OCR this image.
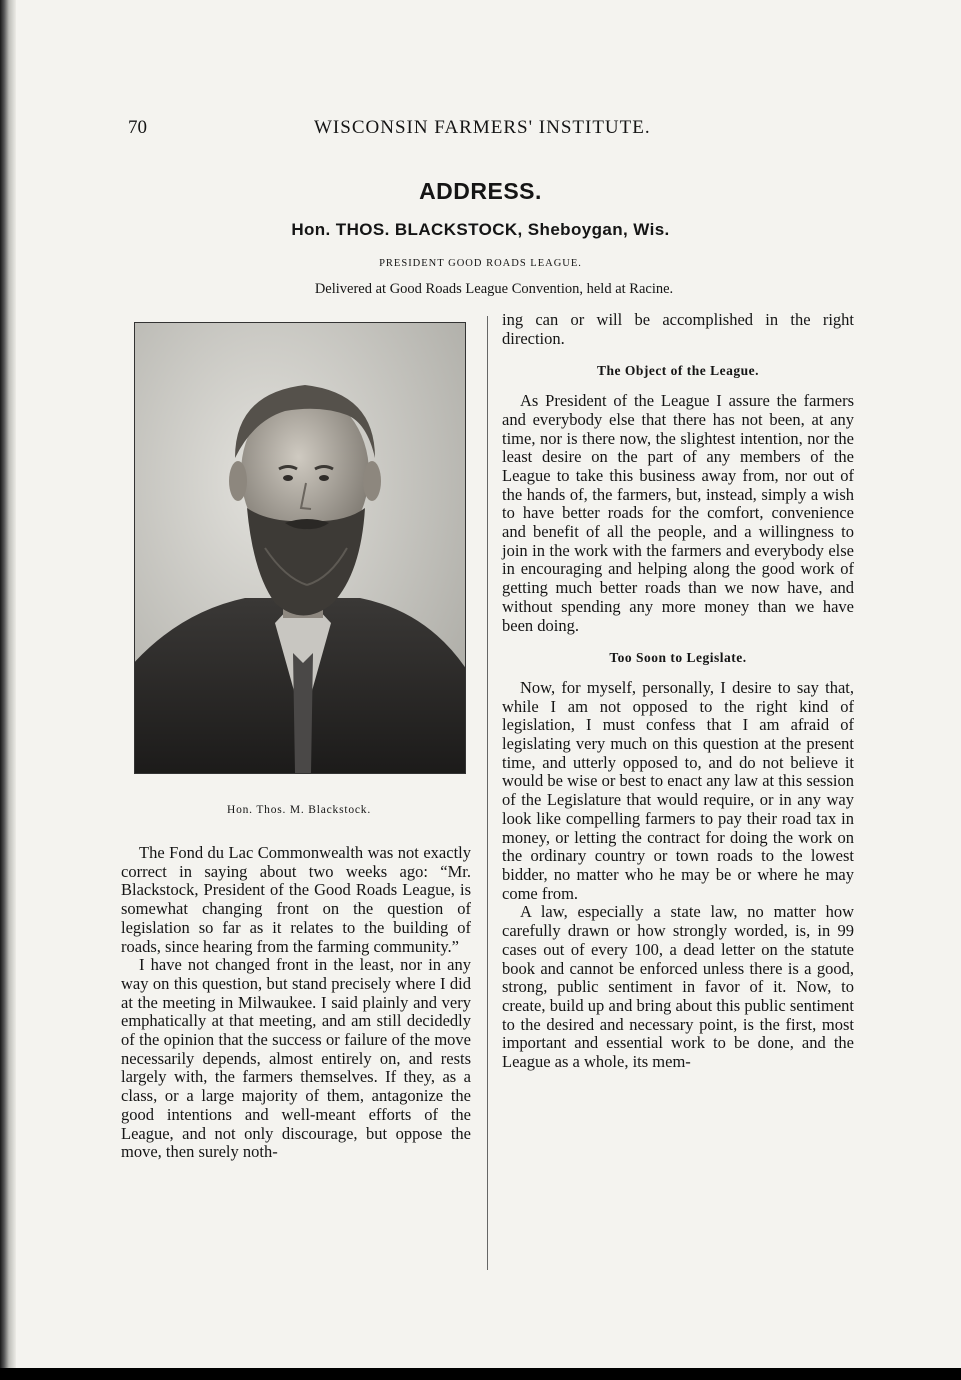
70	WISCONSIN FARMERS' INSTITUTE.
ADDRESS.
Hon. THOS. BLACKSTOCK, Sheboygan, Wis.
PRESIDENT GOOD ROADS LEAGUE.
Delivered at Good Roads League Convention, held at Racine.
Hon. Thos. M. Blackstock.

The Fond du Lac Commonwealth was not exactly correct in saying about two weeks ago: “Mr. Blackstock, President of the Good Roads League, is somewhat changing front on the question of legislation so far as it relates to the building of roads, since hearing from the farming community.”

I have not changed front in the least, nor in any way on this question, but stand precisely where I did at the meeting in Milwaukee. I said plainly and very emphatically at that meeting, and am still decidedly of the opinion that the success or failure of the move necessarily depends, almost entirely on, and rests largely with, the farmers themselves. If they, as a class, or a large majority of them, antagonize the good intentions and well-meant efforts of the League, and not only discourage, but oppose the move, then surely noth-

ing can or will be accomplished in the right direction.

The Object of the League.

As President of the League I assure the farmers and everybody else that there has not been, at any time, nor is there now, the slightest intention, nor the least desire on the part of any members of the League to take this business away from, nor out of the hands of, the farmers, but, instead, simply a wish to have better roads for the comfort, convenience and benefit of all the people, and a willingness to join in the work with the farmers and everybody else in encouraging and helping along the good work of getting much better roads than we now have, and without spending any more money than we have been doing.

Too Soon to Legislate.

Now, for myself, personally, I desire to say that, while I am not opposed to the right kind of legislation, I must confess that I am afraid of legislating very much on this question at the present time, and utterly opposed to, and do not believe it would be wise or best to enact any law at this session of the Legislature that would require, or in any way look like compelling farmers to pay their road tax in money, or letting the contract for doing the work on the ordinary country or town roads to the lowest bidder, no matter who he may be or where he may come from.

A law, especially a state law, no matter how carefully drawn or how strongly worded, is, in 99 cases out of every 100, a dead letter on the statute book and cannot be enforced unless there is a good, strong, public sentiment in favor of it. Now, to create, build up and bring about this public sentiment to the desired and necessary point, is the first, most important and essential work to be done, and the League as a whole, its mem-
